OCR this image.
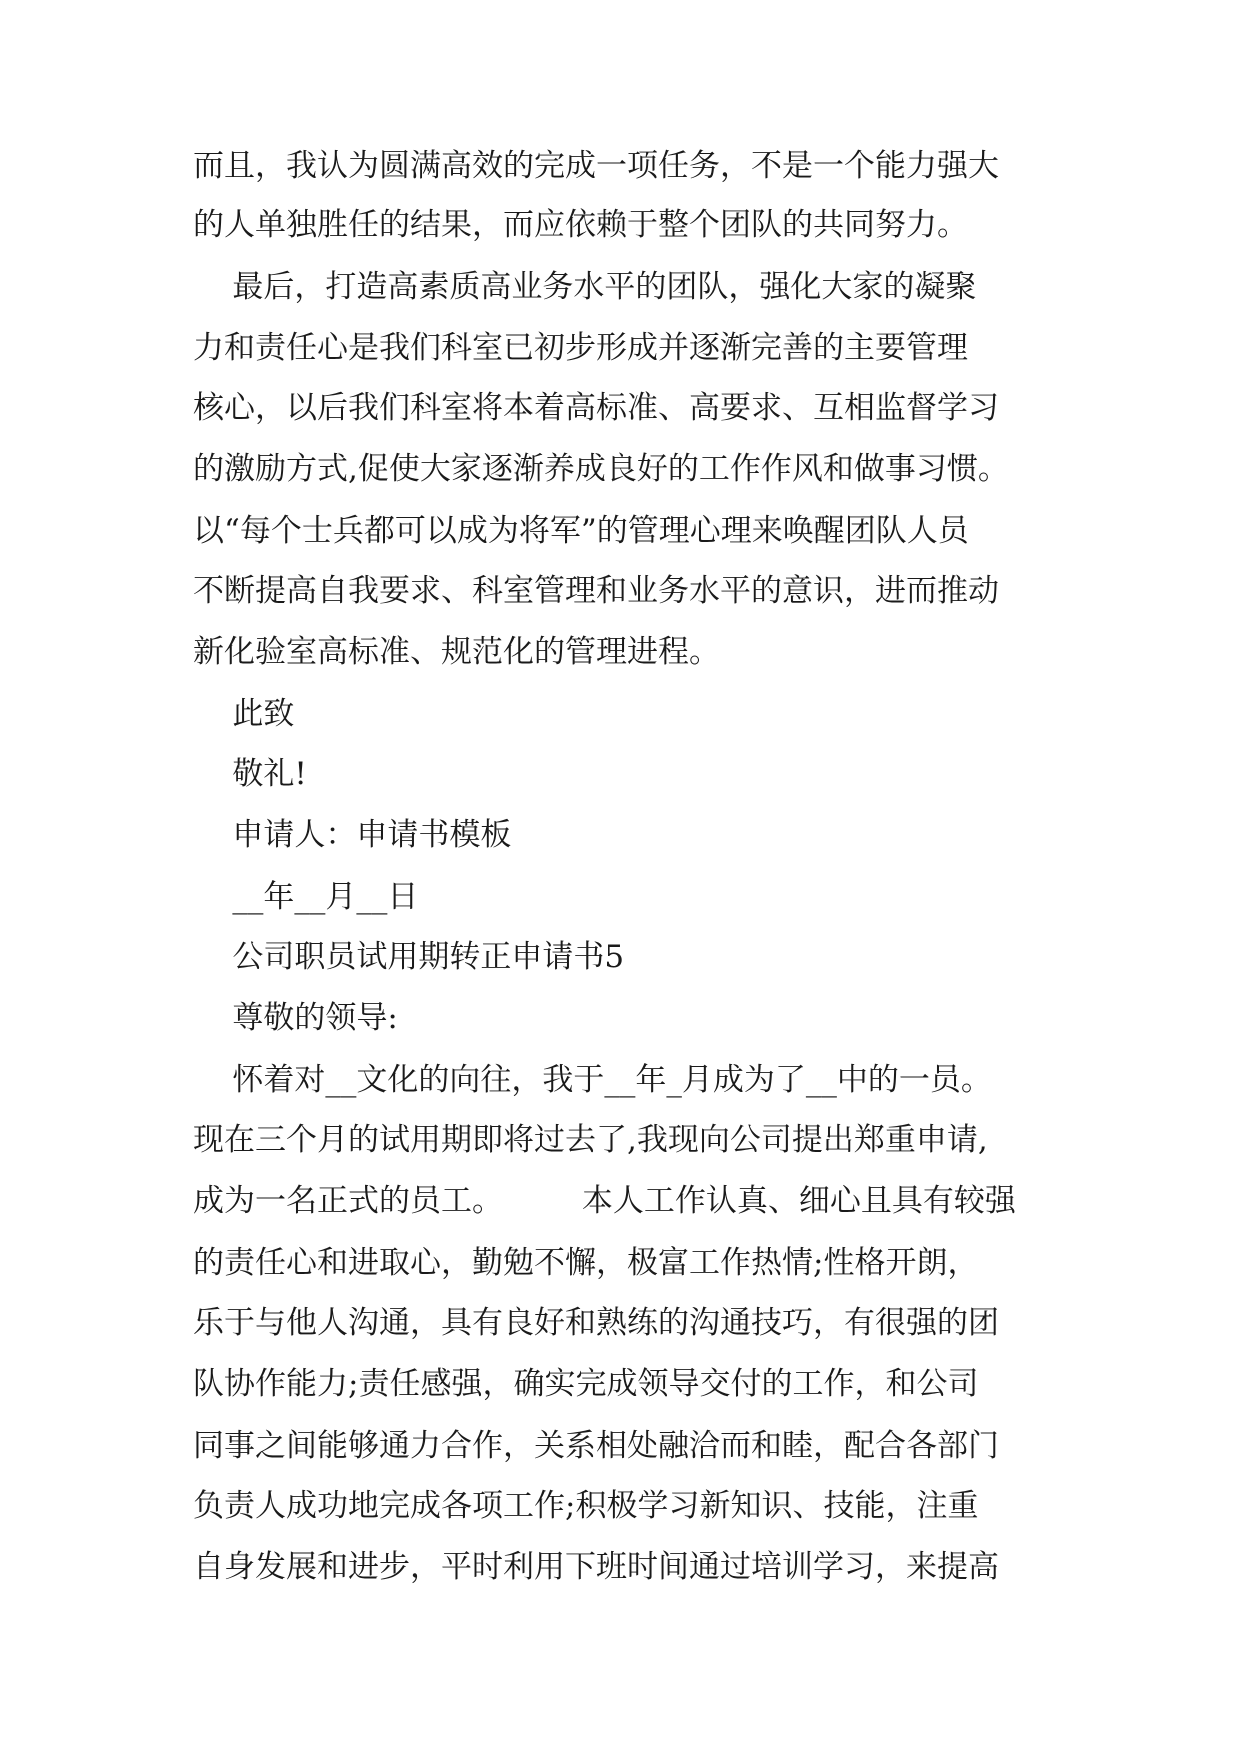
而且，我认为圆满高效的完成一项任务，不是一个能力强大

的人单独胜任的结果，而应依赖于整个团队的共同努力。

最后，打造高素质高业务水平的团队，强化大家的凝聚

力和责任心是我们科室已初步形成并逐渐完善的主要管理

核心，以后我们科室将本着高标准、高要求、互相监督学习

的激励方式,促使大家逐渐养成良好的工作作风和做事习惯。

以“每个士兵都可以成为将军”的管理心理来唤醒团队人员

不断提高自我要求、科室管理和业务水平的意识，进而推动

新化验室高标准、规范化的管理进程。

此致

敬礼!

申请人：申请书模板

__年__月__日

公司职员试用期转正申请书5

尊敬的领导:

怀着对__文化的向往，我于__年_月成为了__中的一员。

现在三个月的试用期即将过去了,我现向公司提出郑重申请,

成为一名正式的员工。        本人工作认真、细心且具有较强

的责任心和进取心，勤勉不懈，极富工作热情;性格开朗，

乐于与他人沟通，具有良好和熟练的沟通技巧，有很强的团

队协作能力;责任感强，确实完成领导交付的工作，和公司

同事之间能够通力合作，关系相处融洽而和睦，配合各部门

负责人成功地完成各项工作;积极学习新知识、技能，注重

自身发展和进步，平时利用下班时间通过培训学习，来提高
